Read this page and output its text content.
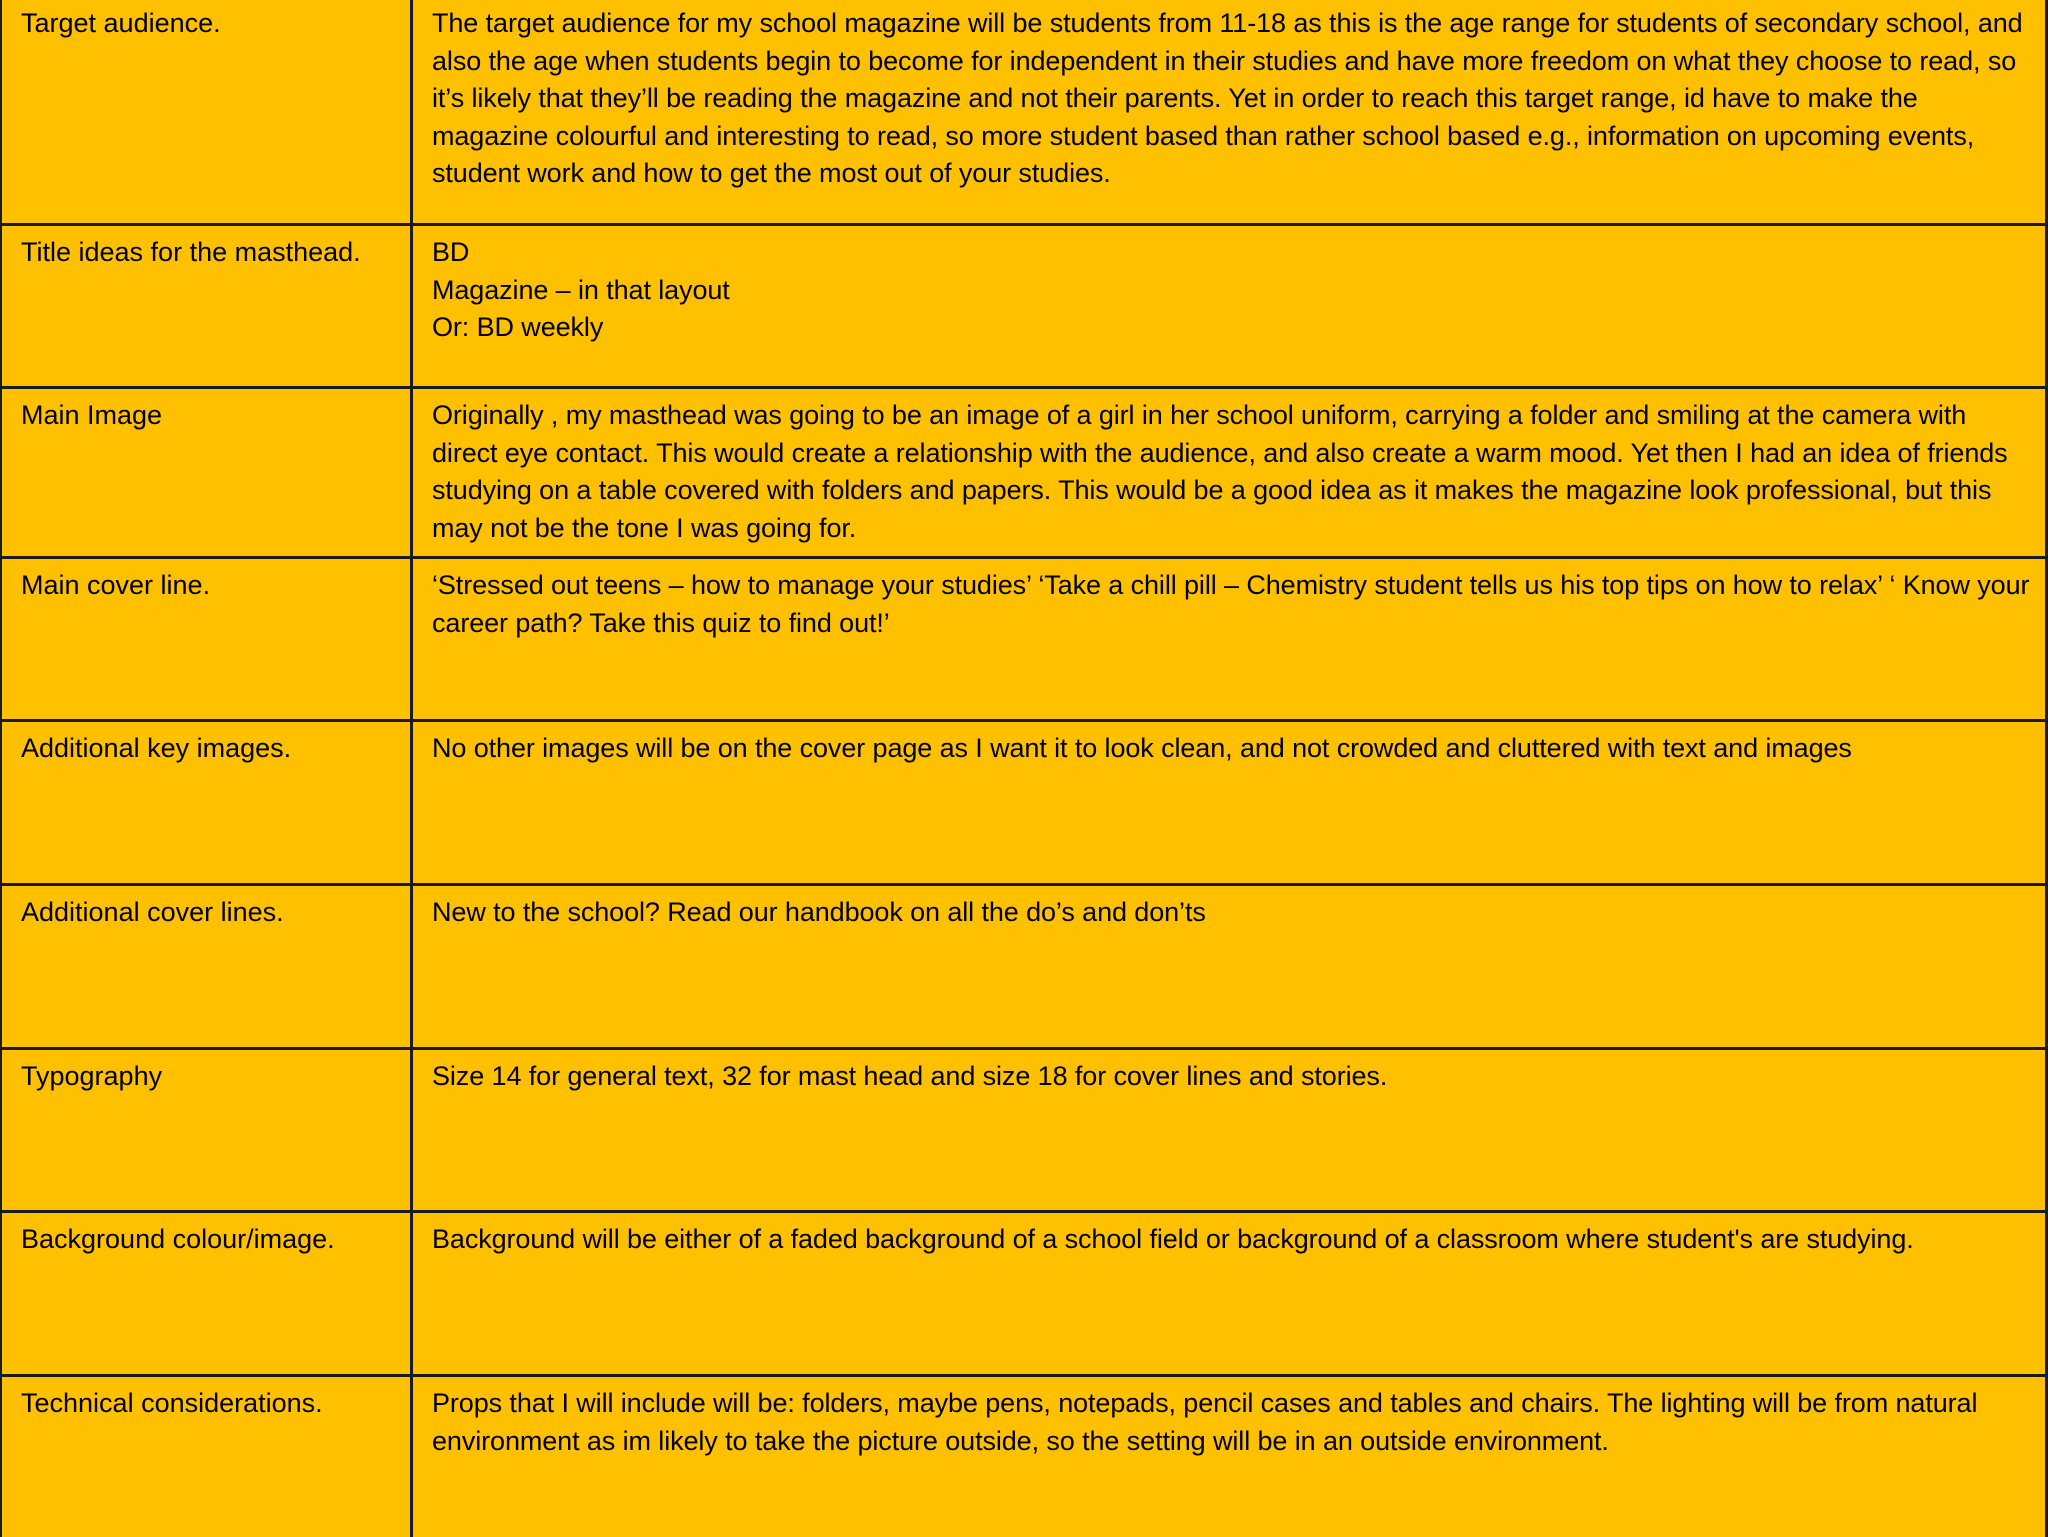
Target audience.	The target audience for my school magazine will be students from 11-18 as this is the age range for students of secondary school, and also the age when students begin to become for independent in their studies and have more freedom on what they choose to read, so it’s likely that they’ll be reading the magazine and not their parents. Yet in order to reach this target range, id have to make the magazine colourful and interesting to read, so more student based than rather school based e.g., information on upcoming events, student work and how to get the most out of your studies.
Title ideas for the masthead.	BD
Magazine – in that layout
Or: BD weekly
Main Image	Originally , my masthead was going to be an image of a girl in her school uniform, carrying a folder and smiling at the camera with direct eye contact. This would create a relationship with the audience, and also create a warm mood. Yet then I had an idea of friends studying on a table covered with folders and papers. This would be a good idea as it makes the magazine look professional, but this may not be the tone I was going for.
Main cover line.	‘Stressed out teens – how to manage your studies’ ‘Take a chill pill – Chemistry student tells us his top tips on how to relax’ ‘ Know your career path? Take this quiz to find out!’
Additional key images.	No other images will be on the cover page as I want it to look clean, and not crowded and cluttered with text and images
Additional cover lines.	New to the school? Read our handbook on all the do’s and don’ts
Typography	Size 14 for general text, 32 for mast head and size 18 for cover lines and stories.
Background colour/image.	Background will be either of a faded background of a school field or background of a classroom where student's are studying.
Technical considerations.	Props that I will include will be: folders, maybe pens, notepads, pencil cases and tables and chairs. The lighting will be from natural environment as im likely to take the picture outside, so the setting will be in an outside environment.
